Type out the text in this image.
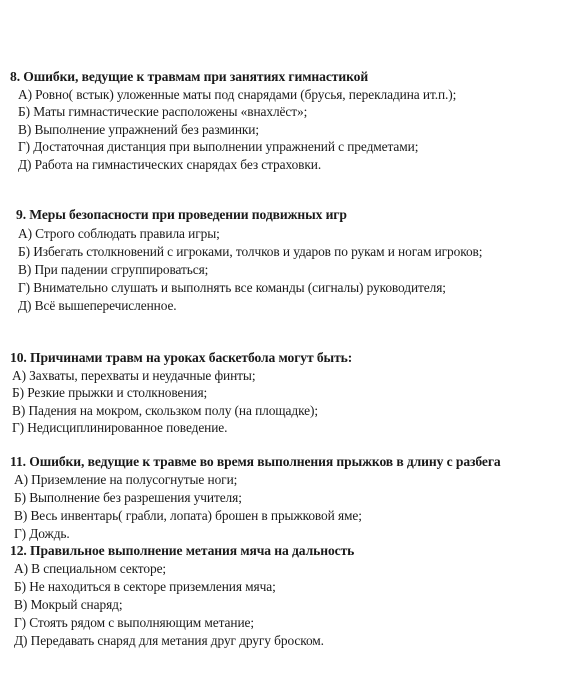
8. Ошибки, ведущие к травмам при занятиях гимнастикой
А) Ровно( встык) уложенные маты под снарядами (брусья, перекладина ит.п.);
Б) Маты гимнастические расположены «внахлёст»;
В) Выполнение упражнений без разминки;
Г) Достаточная дистанция при выполнении упражнений с предметами;
Д) Работа на гимнастических снарядах без страховки.
9. Меры безопасности при проведении подвижных игр
А) Строго соблюдать правила игры;
Б) Избегать столкновений с игроками, толчков и ударов по рукам и ногам игроков;
В) При падении сгруппироваться;
Г) Внимательно слушать и выполнять все команды (сигналы) руководителя;
Д) Всё вышеперечисленное.
10. Причинами травм на уроках баскетбола могут быть:
А) Захваты, перехваты и неудачные финты;
Б) Резкие прыжки и столкновения;
В) Падения на мокром, скользком полу (на площадке);
Г) Недисциплинированное поведение.
11. Ошибки, ведущие к травме во время выполнения прыжков в длину с разбега
А) Приземление на полусогнутые ноги;
Б) Выполнение без разрешения учителя;
В) Весь инвентарь( грабли, лопата) брошен в прыжковой яме;
Г) Дождь.
12. Правильное выполнение метания мяча на дальность
А) В специальном секторе;
Б) Не находиться в секторе приземления мяча;
В) Мокрый снаряд;
Г) Стоять рядом с выполняющим метание;
Д) Передавать снаряд для метания друг другу броском.
